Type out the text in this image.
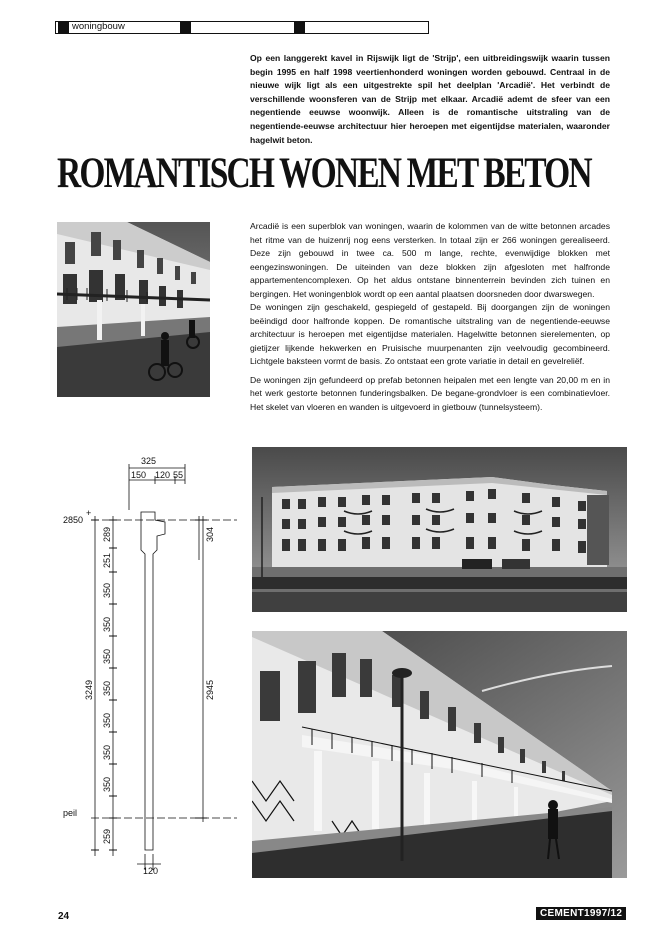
woningbouw
Op een langgerekt kavel in Rijswijk ligt de 'Strijp', een uitbreidingswijk waarin tussen begin 1995 en half 1998 veertienhonderd woningen worden gebouwd. Centraal in de nieuwe wijk ligt als een uitgestrekte spil het deelplan 'Arcadië'. Het verbindt de verschillende woonsferen van de Strijp met elkaar. Arcadië ademt de sfeer van een negentiende eeuwse woonwijk. Alleen is de romantische uitstraling van de negentiende-eeuwse architectuur hier heroepen met eigentijdse materialen, waaronder hagelwit beton.
ROMANTISCH WONEN MET BETON

Arcadië is een superblok van woningen, waarin de kolommen van de witte betonnen arcades het ritme van de huizenrij nog eens versterken. In totaal zijn er 266 woningen gerealiseerd. Deze zijn gebouwd in twee ca. 500 m lange, rechte, evenwijdige blokken met eengezinswoningen. De uiteinden van deze blokken zijn afgesloten met halfronde appartementencomplexen. Op het aldus ontstane binnenterrein bevinden zich tuinen en bergingen. Het woningenblok wordt op een aantal plaatsen doorsneden door dwarswegen.

De woningen zijn geschakeld, gespiegeld of gestapeld. Bij doorgangen zijn de woningen beëindigd door halfronde koppen. De romantische uitstraling van de negentiende-eeuwse architectuur is heroepen met eigentijdse materialen. Hagelwitte betonnen sierelementen, op gietijzer lijkende hekwerken en Pruisische muurpenanten zijn veelvoudig gecombineerd. Lichtgele baksteen vormt de basis. Zo ontstaat een grote variatie in detail en gevelreliëf.

De woningen zijn gefundeerd op prefab betonnen heipalen met een lengte van 20,00 m en in het werk gestorte betonnen funderingsbalken. De begane-grondvloer is een combinatievloer. Het skelet van vloeren en wanden is uitgevoerd in gietbouw (tunnelsysteem).

325
150 120 55
2850
+
289
251
350
350
350
350
350
350
350
259
3249
304
2945
peil
120
24	CEMENT1997/12
